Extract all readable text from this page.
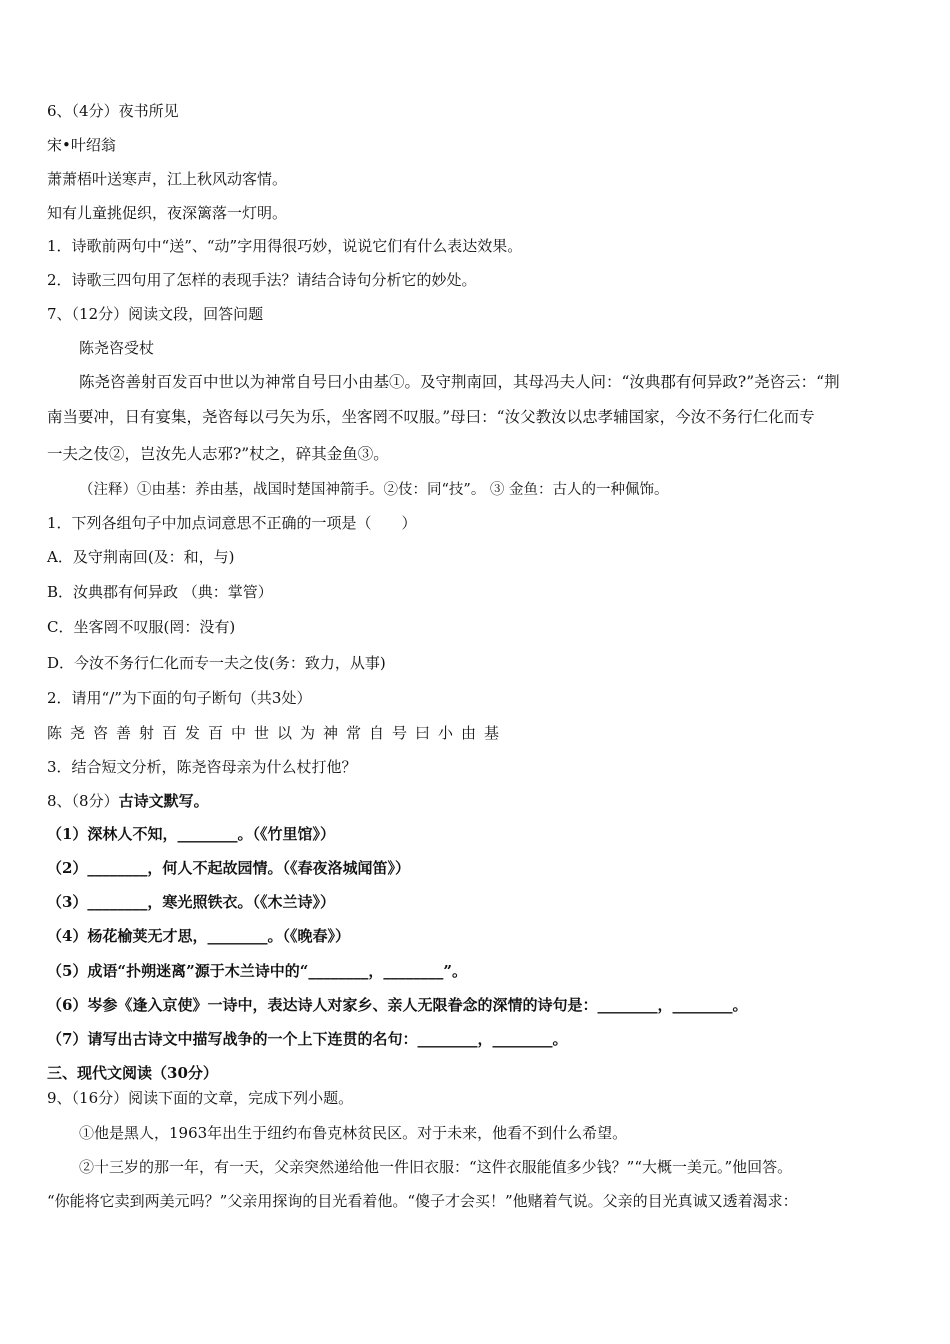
6、（4分）夜书所见
宋•叶绍翁
萧萧梧叶送寒声，江上秋风动客情。
知有儿童挑促织，夜深篱落一灯明。
1．诗歌前两句中“送”、“动”字用得很巧妙，说说它们有什么表达效果。
2．诗歌三四句用了怎样的表现手法？请结合诗句分析它的妙处。
7、（12分）阅读文段，回答问题
陈尧咨受杖
陈尧咨善射百发百中世以为神常自号曰小由基①。及守荆南回，其母冯夫人问：“汝典郡有何异政?”尧咨云：“荆
南当要冲，日有宴集，尧咨每以弓矢为乐，坐客罔不叹服。”母曰：“汝父教汝以忠孝辅国家，今汝不务行仁化而专
一夫之伎②，岂汝先人志邪?”杖之，碎其金鱼③。
（注释）①由基：养由基，战国时楚国神箭手。②伎：同“技”。 ③ 金鱼：古人的一种佩饰。
1．下列各组句子中加点词意思不正确的一项是（　　）
A．及守荆南回(及：和，与)
B．汝典郡有何异政 （典：掌管）
C．坐客罔不叹服(罔：没有)
D．今汝不务行仁化而专一夫之伎(务：致力，从事)
2．请用“/”为下面的句子断句（共3处）
陈尧咨善射百发百中世以为神常自号曰小由基
3．结合短文分析，陈尧咨母亲为什么杖打他？
8、（8分）古诗文默写。
（1）深林人不知，________。（《竹里馆》）
（2）________，何人不起故园情。（《春夜洛城闻笛》）
（3）________，寒光照铁衣。（《木兰诗》）
（4）杨花榆荚无才思，________。（《晚春》）
（5）成语“扑朔迷离”源于木兰诗中的“________，________”。
（6）岑参《逢入京使》一诗中，表达诗人对家乡、亲人无限眷念的深情的诗句是：________，________。
（7）请写出古诗文中描写战争的一个上下连贯的名句：________，________。
三、现代文阅读（30分）
9、（16分）阅读下面的文章，完成下列小题。
①他是黑人，1963年出生于纽约布鲁克林贫民区。对于未来，他看不到什么希望。
②十三岁的那一年，有一天，父亲突然递给他一件旧衣服：“这件衣服能值多少钱？”“大概一美元。”他回答。
“你能将它卖到两美元吗？”父亲用探询的目光看着他。“傻子才会买！”他赌着气说。父亲的目光真诚又透着渴求：
